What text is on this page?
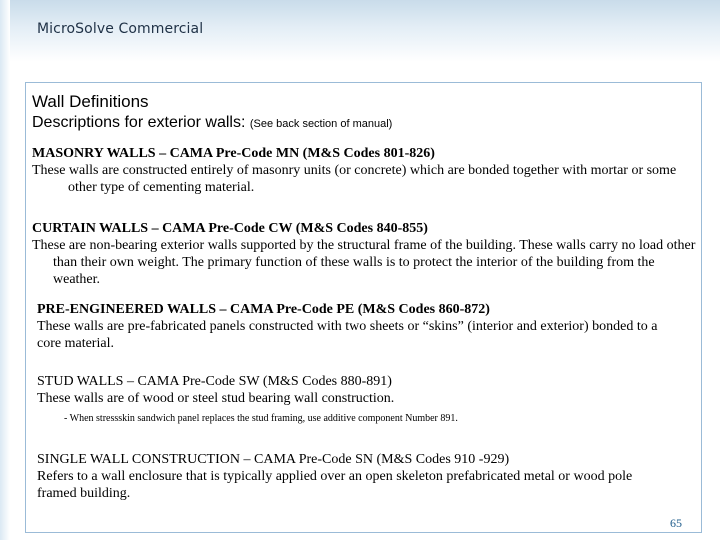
MicroSolve Commercial
Wall Definitions
Descriptions for exterior walls: (See back section of manual)
MASONRY WALLS – CAMA Pre-Code MN (M&S Codes 801-826)
These walls are constructed entirely of masonry units (or concrete) which are bonded together with mortar or some other type of cementing material.
CURTAIN WALLS – CAMA Pre-Code CW (M&S Codes 840-855)
These are non-bearing exterior walls supported by the structural frame of the building. These walls carry no load other than their own weight. The primary function of these walls is to protect the interior of the building from the weather.
PRE-ENGINEERED WALLS – CAMA Pre-Code PE (M&S Codes 860-872)
These walls are pre-fabricated panels constructed with two sheets or “skins” (interior and exterior) bonded to a core material.
STUD WALLS – CAMA Pre-Code SW (M&S Codes 880-891)
These walls are of wood or steel stud bearing wall construction.
- When stressskin sandwich panel replaces the stud framing, use additive component Number 891.
SINGLE WALL CONSTRUCTION – CAMA Pre-Code SN (M&S Codes 910 -929)
Refers to a wall enclosure that is typically applied over an open skeleton prefabricated metal or wood pole framed building.
65
